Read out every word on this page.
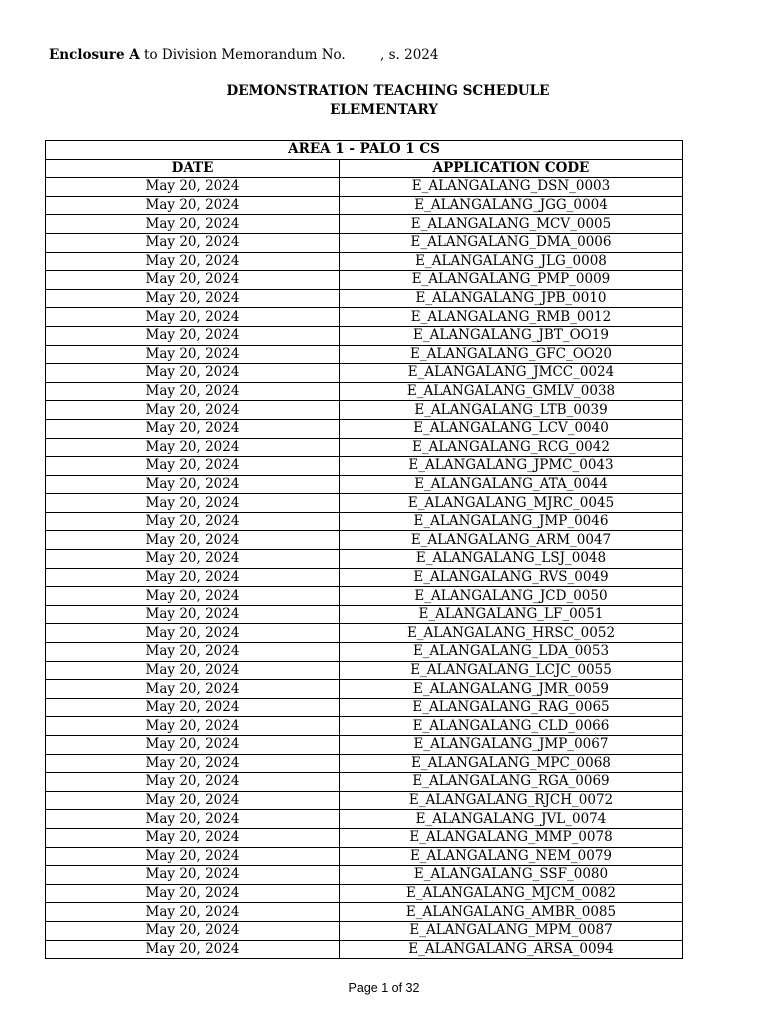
Enclosure A to Division Memorandum No.        , s. 2024
DEMONSTRATION TEACHING SCHEDULE
ELEMENTARY
AREA 1 - PALO 1 CS	
DATE	APPLICATION CODE
May 20, 2024	E_ALANGALANG_DSN_0003
May 20, 2024	E_ALANGALANG_JGG_0004
May 20, 2024	E_ALANGALANG_MCV_0005
May 20, 2024	E_ALANGALANG_DMA_0006
May 20, 2024	E_ALANGALANG_JLG_0008
May 20, 2024	E_ALANGALANG_PMP_0009
May 20, 2024	E_ALANGALANG_JPB_0010
May 20, 2024	E_ALANGALANG_RMB_0012
May 20, 2024	E_ALANGALANG_JBT_OO19
May 20, 2024	E_ALANGALANG_GFC_OO20
May 20, 2024	E_ALANGALANG_JMCC_0024
May 20, 2024	E_ALANGALANG_GMLV_0038
May 20, 2024	E_ALANGALANG_LTB_0039
May 20, 2024	E_ALANGALANG_LCV_0040
May 20, 2024	E_ALANGALANG_RCG_0042
May 20, 2024	E_ALANGALANG_JPMC_0043
May 20, 2024	E_ALANGALANG_ATA_0044
May 20, 2024	E_ALANGALANG_MJRC_0045
May 20, 2024	E_ALANGALANG_JMP_0046
May 20, 2024	E_ALANGALANG_ARM_0047
May 20, 2024	E_ALANGALANG_LSJ_0048
May 20, 2024	E_ALANGALANG_RVS_0049
May 20, 2024	E_ALANGALANG_JCD_0050
May 20, 2024	E_ALANGALANG_LF_0051
May 20, 2024	E_ALANGALANG_HRSC_0052
May 20, 2024	E_ALANGALANG_LDA_0053
May 20, 2024	E_ALANGALANG_LCJC_0055
May 20, 2024	E_ALANGALANG_JMR_0059
May 20, 2024	E_ALANGALANG_RAG_0065
May 20, 2024	E_ALANGALANG_CLD_0066
May 20, 2024	E_ALANGALANG_JMP_0067
May 20, 2024	E_ALANGALANG_MPC_0068
May 20, 2024	E_ALANGALANG_RGA_0069
May 20, 2024	E_ALANGALANG_RJCH_0072
May 20, 2024	E_ALANGALANG_JVL_0074
May 20, 2024	E_ALANGALANG_MMP_0078
May 20, 2024	E_ALANGALANG_NEM_0079
May 20, 2024	E_ALANGALANG_SSF_0080
May 20, 2024	E_ALANGALANG_MJCM_0082
May 20, 2024	E_ALANGALANG_AMBR_0085
May 20, 2024	E_ALANGALANG_MPM_0087
May 20, 2024	E_ALANGALANG_ARSA_0094
Page 1 of 32
